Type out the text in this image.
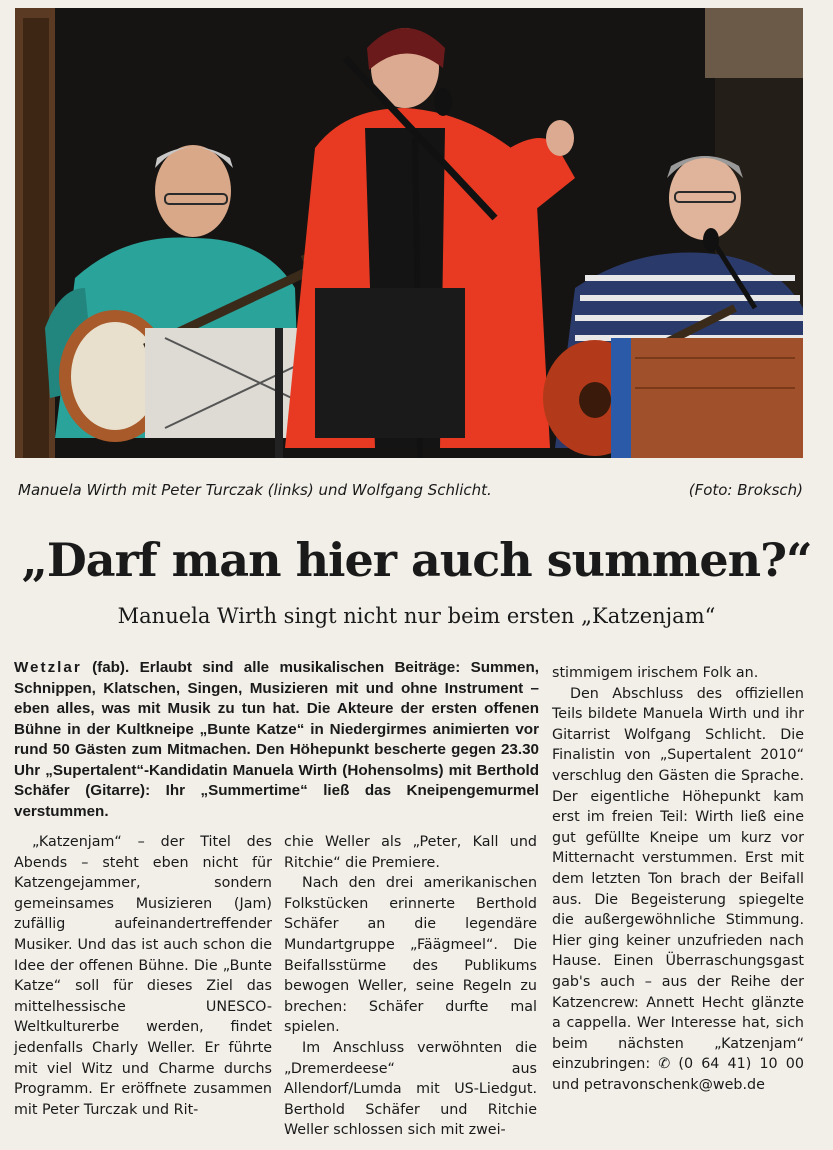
Manuela Wirth mit Peter Turczak (links) und Wolfgang Schlicht.	(Foto: Broksch)
„Darf man hier auch summen?“
Manuela Wirth singt nicht nur beim ersten „Katzenjam“

Wetzlar (fab). Erlaubt sind alle musikalischen Beiträge: Summen, Schnippen, Klatschen, Singen, Musizieren mit und ohne Instrument – eben alles, was mit Musik zu tun hat. Die Akteure der ersten offenen Bühne in der Kultkneipe „Bunte Katze“ in Niedergirmes animierten vor rund 50 Gästen zum Mitmachen. Den Höhepunkt bescherte gegen 23.30 Uhr „Supertalent“-Kandidatin Manuela Wirth (Hohensolms) mit Berthold Schäfer (Gitarre): Ihr „Summertime“ ließ das Kneipengemurmel verstummen.

„Katzenjam“ – der Titel des Abends – steht eben nicht für Katzengejammer, sondern gemeinsames Musizieren (Jam) zufällig aufeinandertreffender Musiker. Und das ist auch schon die Idee der offenen Bühne. Die „Bunte Katze“ soll für dieses Ziel das mittelhessische UNESCO-Weltkulturerbe werden, findet jedenfalls Charly Weller. Er führte mit viel Witz und Charme durchs Programm. Er eröffnete zusammen mit Peter Turczak und Rit-

chie Weller als „Peter, Kall und Ritchie“ die Premiere.

Nach den drei amerikanischen Folkstücken erinnerte Berthold Schäfer an die legendäre Mundartgruppe „Fäägmeel“. Die Beifallsstürme des Publikums bewogen Weller, seine Regeln zu brechen: Schäfer durfte mal spielen.

Im Anschluss verwöhnten die „Dremerdeese“ aus Allendorf/Lumda mit US-Liedgut. Berthold Schäfer und Ritchie Weller schlossen sich mit zwei-

stimmigem irischem Folk an.

Den Abschluss des offiziellen Teils bildete Manuela Wirth und ihr Gitarrist Wolfgang Schlicht. Die Finalistin von „Supertalent 2010“ verschlug den Gästen die Sprache. Der eigentliche Höhepunkt kam erst im freien Teil: Wirth ließ eine gut gefüllte Kneipe um kurz vor Mitternacht verstummen. Erst mit dem letzten Ton brach der Beifall aus. Die Begeisterung spiegelte die außergewöhnliche Stimmung. Hier ging keiner unzufrieden nach Hause. Einen Überraschungsgast gab's auch – aus der Reihe der Katzencrew: Annett Hecht glänzte a cappella. Wer Interesse hat, sich beim nächsten „Katzenjam“ einzubringen: ✆ (0 64 41) 10 00 und petravonschenk@web.de
